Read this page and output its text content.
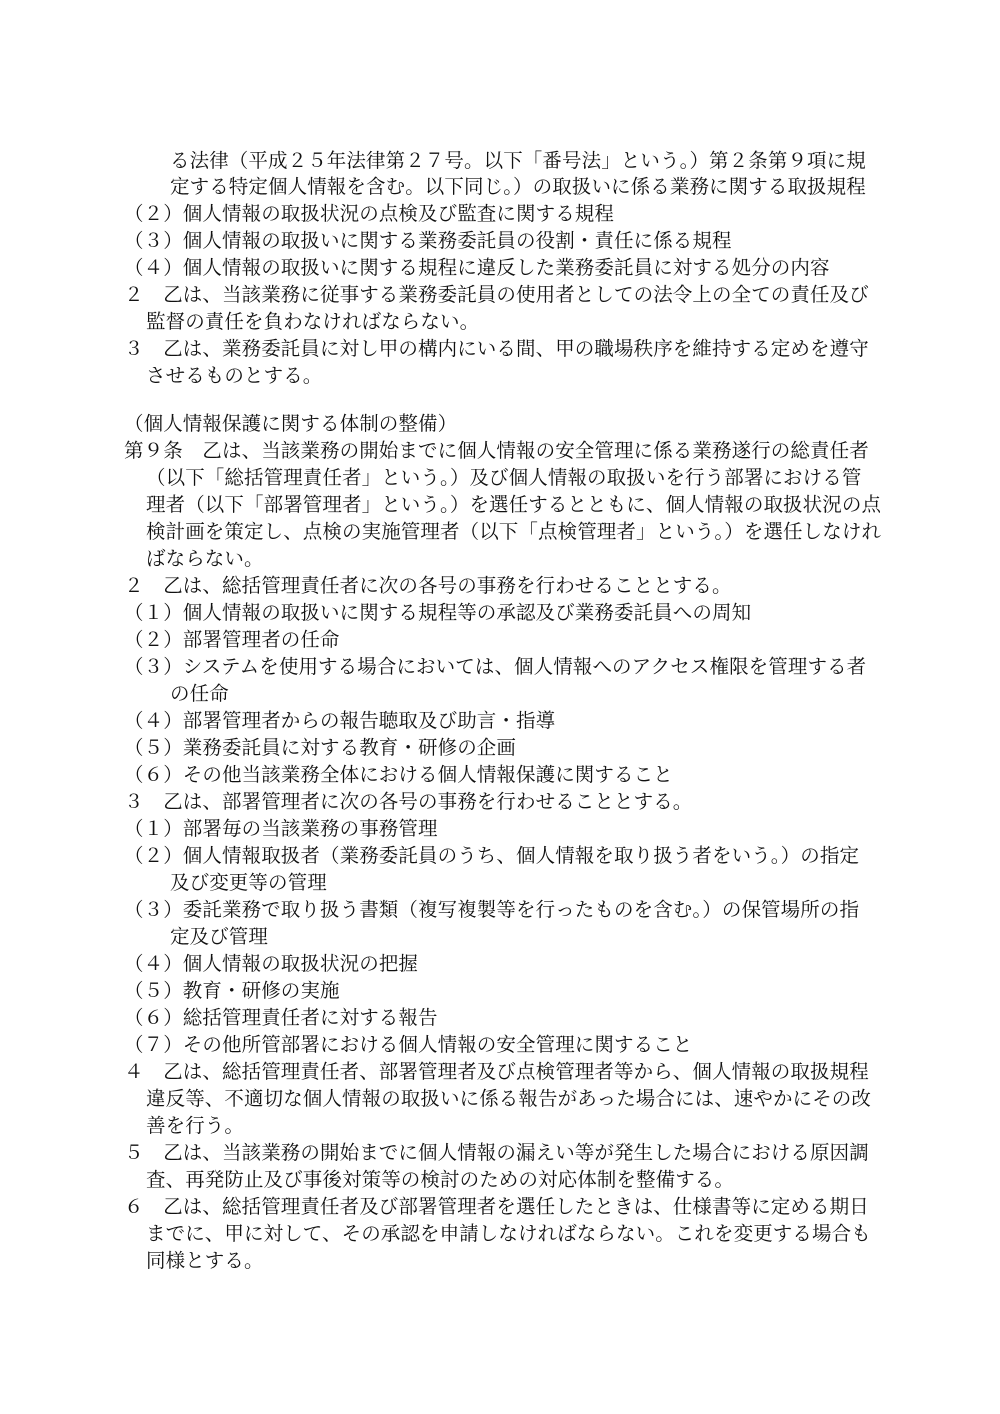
る法律（平成２５年法律第２７号。以下「番号法」という。）第２条第９項に規
定する特定個人情報を含む。以下同じ。）の取扱いに係る業務に関する取扱規程
（２）個人情報の取扱状況の点検及び監査に関する規程
（３）個人情報の取扱いに関する業務委託員の役割・責任に係る規程
（４）個人情報の取扱いに関する規程に違反した業務委託員に対する処分の内容
２　乙は、当該業務に従事する業務委託員の使用者としての法令上の全ての責任及び
監督の責任を負わなければならない。
３　乙は、業務委託員に対し甲の構内にいる間、甲の職場秩序を維持する定めを遵守
させるものとする。
（個人情報保護に関する体制の整備）
第９条　乙は、当該業務の開始までに個人情報の安全管理に係る業務遂行の総責任者
（以下「総括管理責任者」という。）及び個人情報の取扱いを行う部署における管
理者（以下「部署管理者」という。）を選任するとともに、個人情報の取扱状況の点
検計画を策定し、点検の実施管理者（以下「点検管理者」という。）を選任しなけれ
ばならない。
２　乙は、総括管理責任者に次の各号の事務を行わせることとする。
（１）個人情報の取扱いに関する規程等の承認及び業務委託員への周知
（２）部署管理者の任命
（３）システムを使用する場合においては、個人情報へのアクセス権限を管理する者
の任命
（４）部署管理者からの報告聴取及び助言・指導
（５）業務委託員に対する教育・研修の企画
（６）その他当該業務全体における個人情報保護に関すること
３　乙は、部署管理者に次の各号の事務を行わせることとする。
（１）部署毎の当該業務の事務管理
（２）個人情報取扱者（業務委託員のうち、個人情報を取り扱う者をいう。）の指定
及び変更等の管理
（３）委託業務で取り扱う書類（複写複製等を行ったものを含む。）の保管場所の指
定及び管理
（４）個人情報の取扱状況の把握
（５）教育・研修の実施
（６）総括管理責任者に対する報告
（７）その他所管部署における個人情報の安全管理に関すること
４　乙は、総括管理責任者、部署管理者及び点検管理者等から、個人情報の取扱規程
違反等、不適切な個人情報の取扱いに係る報告があった場合には、速やかにその改
善を行う。
５　乙は、当該業務の開始までに個人情報の漏えい等が発生した場合における原因調
査、再発防止及び事後対策等の検討のための対応体制を整備する。
６　乙は、総括管理責任者及び部署管理者を選任したときは、仕様書等に定める期日
までに、甲に対して、その承認を申請しなければならない。これを変更する場合も
同様とする。
